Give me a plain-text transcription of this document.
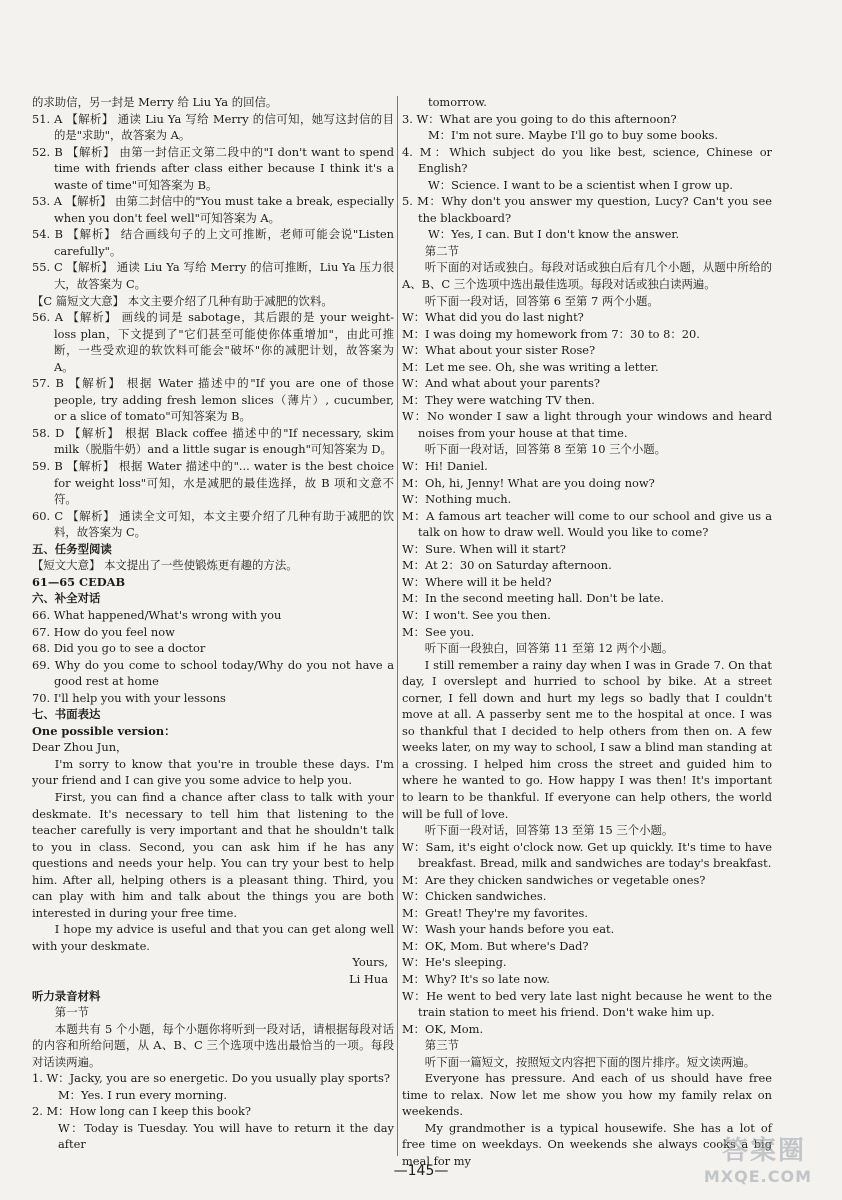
的求助信，另一封是 Merry 给 Liu Ya 的回信。

51. A 【解析】 通读 Liu Ya 写给 Merry 的信可知，她写这封信的目的是"求助"，故答案为 A。

52. B 【解析】 由第一封信正文第二段中的"I don't want to spend time with friends after class either because I think it's a waste of time"可知答案为 B。

53. A 【解析】 由第二封信中的"You must take a break, especially when you don't feel well"可知答案为 A。

54. B 【解析】 结合画线句子的上文可推断，老师可能会说"Listen carefully"。

55. C 【解析】 通读 Liu Ya 写给 Merry 的信可推断，Liu Ya 压力很大，故答案为 C。

【C 篇短文大意】 本文主要介绍了几种有助于减肥的饮料。

56. A 【解析】 画线的词是 sabotage，其后跟的是 your weight-loss plan，下文提到了"它们甚至可能使你体重增加"，由此可推断，一些受欢迎的软饮料可能会"破坏"你的减肥计划，故答案为 A。

57. B 【解析】 根据 Water 描述中的"If you are one of those people, try adding fresh lemon slices（薄片）, cucumber, or a slice of tomato"可知答案为 B。

58. D 【解析】 根据 Black coffee 描述中的"If necessary, skim milk（脱脂牛奶）and a little sugar is enough"可知答案为 D。

59. B 【解析】 根据 Water 描述中的"... water is the best choice for weight loss"可知，水是减肥的最佳选择，故 B 项和文意不符。

60. C 【解析】 通读全文可知，本文主要介绍了几种有助于减肥的饮料，故答案为 C。

五、任务型阅读

【短文大意】 本文提出了一些使锻炼更有趣的方法。

61—65 CEDAB

六、补全对话

66. What happened/What's wrong with you

67. How do you feel now

68. Did you go to see a doctor

69. Why do you come to school today/Why do you not have a good rest at home

70. I'll help you with your lessons

七、书面表达

One possible version：

Dear Zhou Jun，

I'm sorry to know that you're in trouble these days. I'm your friend and I can give you some advice to help you.

First, you can find a chance after class to talk with your deskmate. It's necessary to tell him that listening to the teacher carefully is very important and that he shouldn't talk to you in class. Second, you can ask him if he has any questions and needs your help. You can try your best to help him. After all, helping others is a pleasant thing. Third, you can play with him and talk about the things you are both interested in during your free time.

I hope my advice is useful and that you can get along well with your deskmate.

Yours,

Li Hua

听力录音材料

第一节

本题共有 5 个小题，每个小题你将听到一段对话，请根据每段对话的内容和所给问题，从 A、B、C 三个选项中选出最恰当的一项。每段对话读两遍。

1. W：Jacky, you are so energetic. Do you usually play sports?

M：Yes. I run every morning.

2. M：How long can I keep this book?

W：Today is Tuesday. You will have to return it the day after

tomorrow.

3. W：What are you going to do this afternoon?

M：I'm not sure. Maybe I'll go to buy some books.

4. M：Which subject do you like best, science, Chinese or English?

W：Science. I want to be a scientist when I grow up.

5. M：Why don't you answer my question, Lucy? Can't you see the blackboard?

W：Yes, I can. But I don't know the answer.

第二节

听下面的对话或独白。每段对话或独白后有几个小题，从题中所给的 A、B、C 三个选项中选出最佳选项。每段对话或独白读两遍。

听下面一段对话，回答第 6 至第 7 两个小题。

W：What did you do last night?

M：I was doing my homework from 7：30 to 8：20.

W：What about your sister Rose?

M：Let me see. Oh, she was writing a letter.

W：And what about your parents?

M：They were watching TV then.

W：No wonder I saw a light through your windows and heard noises from your house at that time.

听下面一段对话，回答第 8 至第 10 三个小题。

W：Hi! Daniel.

M：Oh, hi, Jenny! What are you doing now?

W：Nothing much.

M：A famous art teacher will come to our school and give us a talk on how to draw well. Would you like to come?

W：Sure. When will it start?

M：At 2：30 on Saturday afternoon.

W：Where will it be held?

M：In the second meeting hall. Don't be late.

W：I won't. See you then.

M：See you.

听下面一段独白，回答第 11 至第 12 两个小题。

I still remember a rainy day when I was in Grade 7. On that day, I overslept and hurried to school by bike. At a street corner, I fell down and hurt my legs so badly that I couldn't move at all. A passerby sent me to the hospital at once. I was so thankful that I decided to help others from then on. A few weeks later, on my way to school, I saw a blind man standing at a crossing. I helped him cross the street and guided him to where he wanted to go. How happy I was then! It's important to learn to be thankful. If everyone can help others, the world will be full of love.

听下面一段对话，回答第 13 至第 15 三个小题。

W：Sam, it's eight o'clock now. Get up quickly. It's time to have breakfast. Bread, milk and sandwiches are today's breakfast.

M：Are they chicken sandwiches or vegetable ones?

W：Chicken sandwiches.

M：Great! They're my favorites.

W：Wash your hands before you eat.

M：OK, Mom. But where's Dad?

W：He's sleeping.

M：Why? It's so late now.

W：He went to bed very late last night because he went to the train station to meet his friend. Don't wake him up.

M：OK, Mom.

第三节

听下面一篇短文，按照短文内容把下面的图片排序。短文读两遍。

Everyone has pressure. And each of us should have free time to relax. Now let me show you how my family relax on weekends.

My grandmother is a typical housewife. She has a lot of free time on weekdays. On weekends she always cooks a big meal for my

—145—
答案圈
MXQE.COM
